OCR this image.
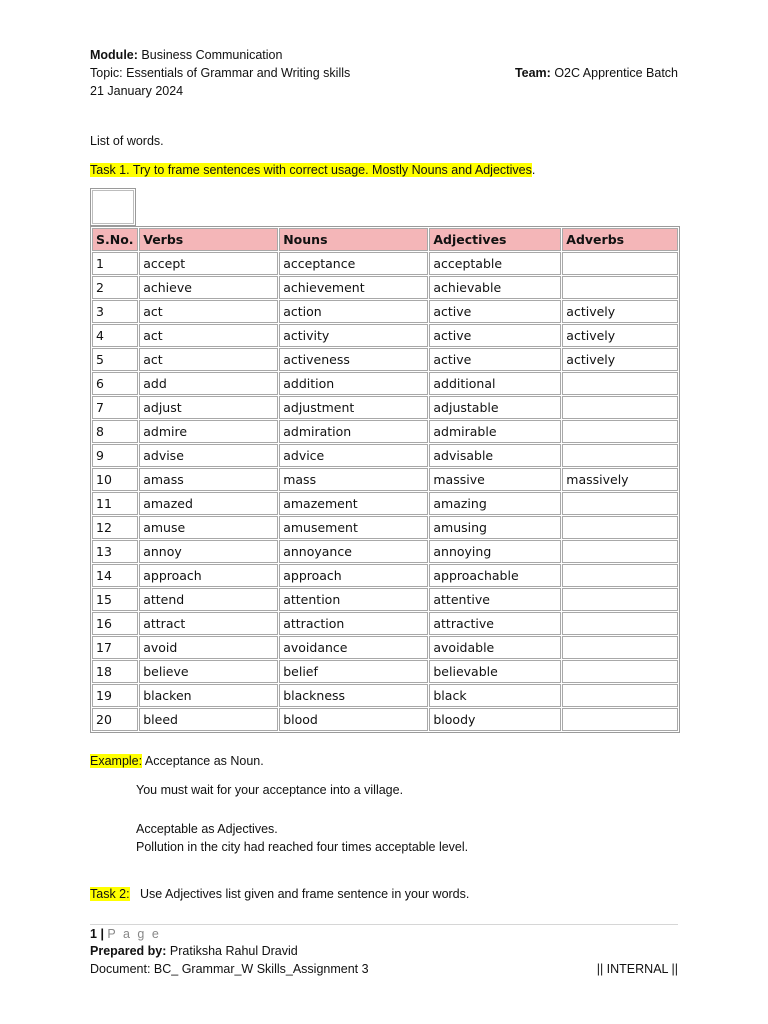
Module: Business Communication
Topic: Essentials of Grammar and Writing skills	Team: O2C Apprentice Batch
21 January 2024
List of words.
Task 1. Try to frame sentences with correct usage. Mostly Nouns and Adjectives.
S.No.	Verbs	Nouns	Adjectives	Adverbs
1	accept	acceptance	acceptable	
2	achieve	achievement	achievable	
3	act	action	active	actively
4	act	activity	active	actively
5	act	activeness	active	actively
6	add	addition	additional	
7	adjust	adjustment	adjustable	
8	admire	admiration	admirable	
9	advise	advice	advisable	
10	amass	mass	massive	massively
11	amazed	amazement	amazing	
12	amuse	amusement	amusing	
13	annoy	annoyance	annoying	
14	approach	approach	approachable	
15	attend	attention	attentive	
16	attract	attraction	attractive	
17	avoid	avoidance	avoidable	
18	believe	belief	believable	
19	blacken	blackness	black	
20	bleed	blood	bloody	
Example: Acceptance as Noun.
You must wait for your acceptance into a village.
Acceptable as Adjectives.
Pollution in the city had reached four times acceptable level.
Task 2: Use Adjectives list given and frame sentence in your words.
1 | P a g e
Prepared by: Pratiksha Rahul Dravid
Document: BC_ Grammar_W Skills_Assignment 3	|| INTERNAL ||
